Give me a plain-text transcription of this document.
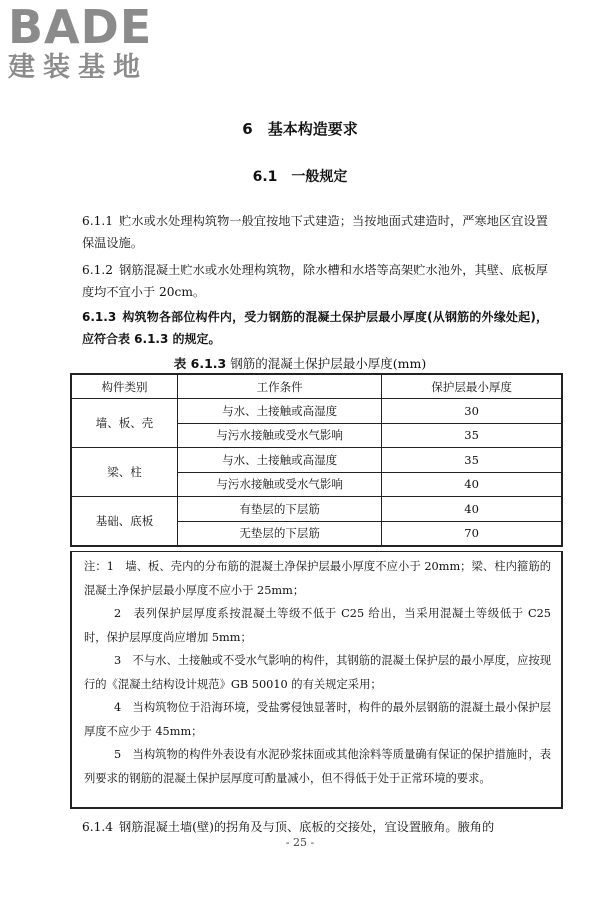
BADE
建装基地
6　基本构造要求
6.1　一般规定
6.1.1 贮水或水处理构筑物一般宜按地下式建造；当按地面式建造时，严寒地区宜设置保温设施。
6.1.2 钢筋混凝土贮水或水处理构筑物，除水槽和水塔等高架贮水池外，其壁、底板厚度均不宜小于 20cm。
6.1.3 构筑物各部位构件内，受力钢筋的混凝土保护层最小厚度(从钢筋的外缘处起)，应符合表 6.1.3 的规定。
表 6.1.3 钢筋的混凝土保护层最小厚度(mm)
构件类别	工作条件	保护层最小厚度
墙、板、壳	与水、土接触或高湿度	30
	与污水接触或受水气影响	35
梁、柱	与水、土接触或高湿度	35
	与污水接触或受水气影响	40
基础、底板	有垫层的下层筋	40
	无垫层的下层筋	70

注：1　墙、板、壳内的分布筋的混凝土净保护层最小厚度不应小于 20mm；梁、柱内箍筋的混凝土净保护层最小厚度不应小于 25mm；

2　表列保护层厚度系按混凝土等级不低于 C25 给出，当采用混凝土等级低于 C25 时，保护层厚度尚应增加 5mm；

3　不与水、土接触或不受水气影响的构件，其钢筋的混凝土保护层的最小厚度，应按现行的《混凝土结构设计规范》GB 50010 的有关规定采用；

4　当构筑物位于沿海环境，受盐雾侵蚀显著时，构件的最外层钢筋的混凝土最小保护层厚度不应少于 45mm；

5　当构筑物的构件外表设有水泥砂浆抹面或其他涂料等质量确有保证的保护措施时，表列要求的钢筋的混凝土保护层厚度可酌量减小，但不得低于处于正常环境的要求。

6.1.4 钢筋混凝土墙(壁)的拐角及与顶、底板的交接处，宜设置腋角。腋角的
- 25 -
